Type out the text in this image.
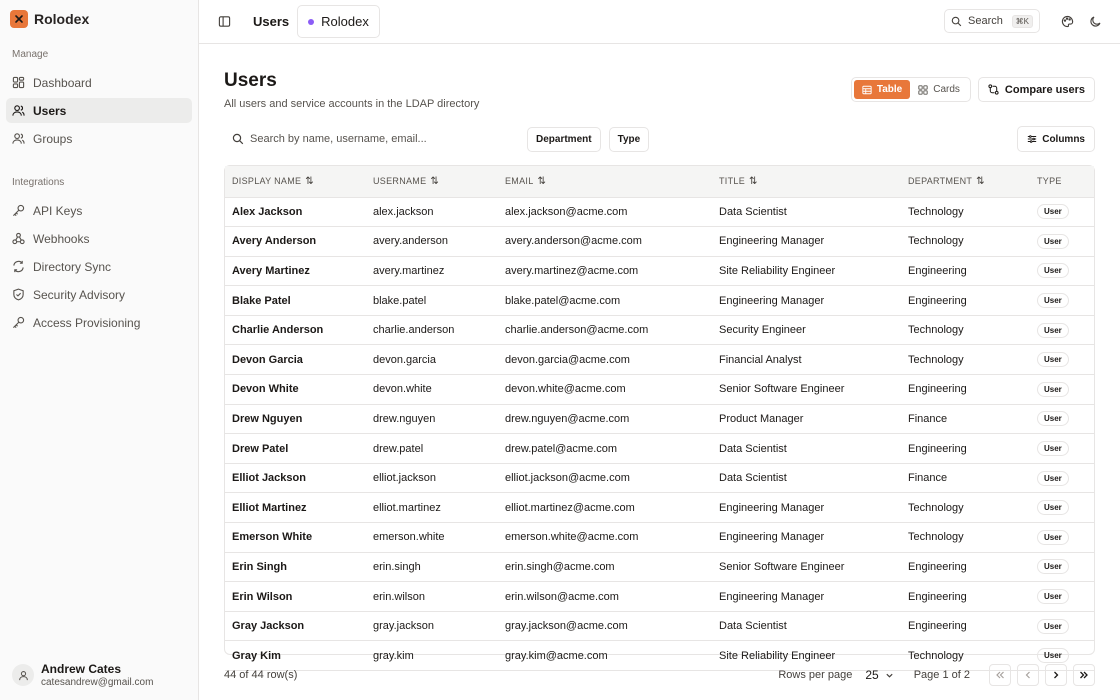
Rolodex
Manage
Dashboard
Users
Groups
Integrations
API Keys
Webhooks
Directory Sync
Security Advisory
Access Provisioning
Andrew Cates
catesandrew@gmail.com
Users Rolodex	Search	⌘K
Users
All users and service accounts in the LDAP directory
Table	Cards	Compare users
Search by name, username, email...
Department	Type	Columns
DISPLAY NAME ⇅	USERNAME ⇅	EMAIL ⇅	TITLE ⇅	DEPARTMENT ⇅	TYPE
Alex Jackson	alex.jackson	alex.jackson@acme.com	Data Scientist	Technology	User
Avery Anderson	avery.anderson	avery.anderson@acme.com	Engineering Manager	Technology	User
Avery Martinez	avery.martinez	avery.martinez@acme.com	Site Reliability Engineer	Engineering	User
Blake Patel	blake.patel	blake.patel@acme.com	Engineering Manager	Engineering	User
Charlie Anderson	charlie.anderson	charlie.anderson@acme.com	Security Engineer	Technology	User
Devon Garcia	devon.garcia	devon.garcia@acme.com	Financial Analyst	Technology	User
Devon White	devon.white	devon.white@acme.com	Senior Software Engineer	Engineering	User
Drew Nguyen	drew.nguyen	drew.nguyen@acme.com	Product Manager	Finance	User
Drew Patel	drew.patel	drew.patel@acme.com	Data Scientist	Engineering	User
Elliot Jackson	elliot.jackson	elliot.jackson@acme.com	Data Scientist	Finance	User
Elliot Martinez	elliot.martinez	elliot.martinez@acme.com	Engineering Manager	Technology	User
Emerson White	emerson.white	emerson.white@acme.com	Engineering Manager	Technology	User
Erin Singh	erin.singh	erin.singh@acme.com	Senior Software Engineer	Engineering	User
Erin Wilson	erin.wilson	erin.wilson@acme.com	Engineering Manager	Engineering	User
Gray Jackson	gray.jackson	gray.jackson@acme.com	Data Scientist	Engineering	User
Gray Kim	gray.kim	gray.kim@acme.com	Site Reliability Engineer	Technology	User
44 of 44 row(s)	Rows per page 25	Page 1 of 2
